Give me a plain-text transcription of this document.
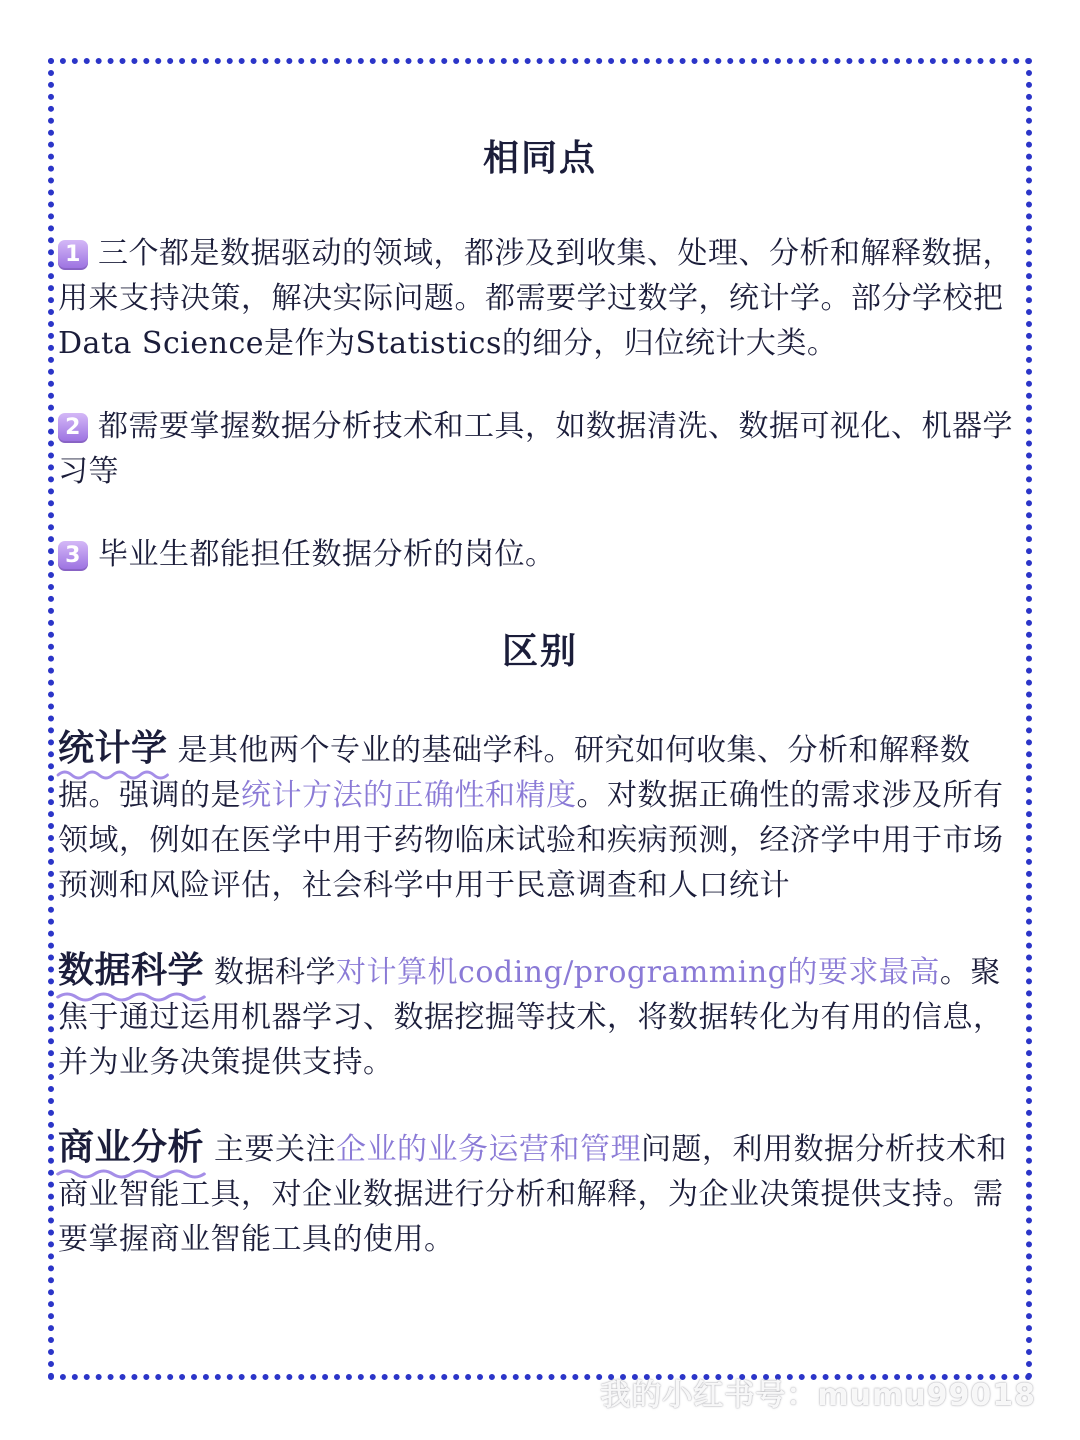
相同点

1 三个都是数据驱动的领域，都涉及到收集、处理、分析和解释数据，用来支持决策，解决实际问题。都需要学过数学，统计学。部分学校把Data Science是作为Statistics的细分，归位统计大类。

2 都需要掌握数据分析技术和工具，如数据清洗、数据可视化、机器学习等

3 毕业生都能担任数据分析的岗位。

区别

统计学 是其他两个专业的基础学科。研究如何收集、分析和解释数据。强调的是统计方法的正确性和精度。对数据正确性的需求涉及所有领域，例如在医学中用于药物临床试验和疾病预测，经济学中用于市场预测和风险评估，社会科学中用于民意调查和人口统计

数据科学 数据科学对计算机coding/programming的要求最高。聚焦于通过运用机器学习、数据挖掘等技术，将数据转化为有用的信息，并为业务决策提供支持。

商业分析 主要关注企业的业务运营和管理问题，利用数据分析技术和商业智能工具，对企业数据进行分析和解释，为企业决策提供支持。需要掌握商业智能工具的使用。

我的小红书号：mumu99018
